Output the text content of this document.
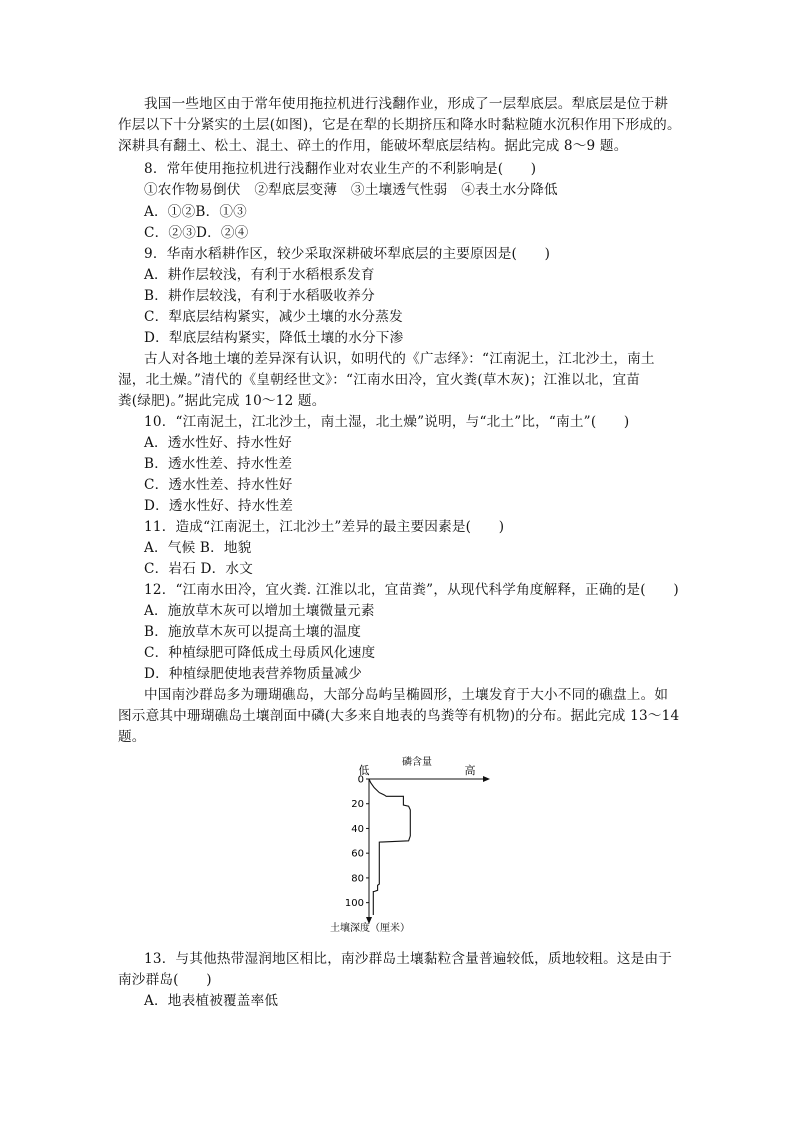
我国一些地区由于常年使用拖拉机进行浅翻作业，形成了一层犁底层。犁底层是位于耕
作层以下十分紧实的土层(如图)，它是在犁的长期挤压和降水时黏粒随水沉积作用下形成的。
深耕具有翻土、松土、混土、碎土的作用，能破坏犁底层结构。据此完成 8～9 题。
8．常年使用拖拉机进行浅翻作业对农业生产的不利影响是(　　)
①农作物易倒伏　②犁底层变薄　③土壤透气性弱　④表土水分降低
A．①②B．①③
C．②③D．②④
9．华南水稻耕作区，较少采取深耕破坏犁底层的主要原因是(　　)
A．耕作层较浅，有利于水稻根系发育
B．耕作层较浅，有利于水稻吸收养分
C．犁底层结构紧实，减少土壤的水分蒸发
D．犁底层结构紧实，降低土壤的水分下渗
古人对各地土壤的差异深有认识，如明代的《广志绎》：“江南泥土，江北沙土，南土
湿，北土燥。”清代的《皇朝经世文》：“江南水田冷，宜火粪(草木灰)；江淮以北，宜苗
粪(绿肥)。”据此完成 10～12 题。
10．“江南泥土，江北沙土，南土湿，北土燥”说明，与“北土”比，“南土”(　　)
A．透水性好、持水性好
B．透水性差、持水性差
C．透水性差、持水性好
D．透水性好、持水性差
11．造成“江南泥土，江北沙土”差异的最主要因素是(　　)
A．气候 B．地貌
C．岩石 D．水文
12．“江南水田冷，宜火粪. 江淮以北，宜苗粪”，从现代科学角度解释，正确的是(　　)
A．施放草木灰可以增加土壤微量元素
B．施放草木灰可以提高土壤的温度
C．种植绿肥可降低成土母质风化速度
D．种植绿肥使地表营养物质量减少
中国南沙群岛多为珊瑚礁岛，大部分岛屿呈椭圆形，土壤发育于大小不同的礁盘上。如
图示意其中珊瑚礁岛土壤剖面中磷(大多来自地表的鸟粪等有机物)的分布。据此完成 13～14
题。
磷含量
低	高
0
20
40
60
80
100
土壤深度（厘米）
13．与其他热带湿润地区相比，南沙群岛土壤黏粒含量普遍较低，质地较粗。这是由于
南沙群岛(　　)
A．地表植被覆盖率低
